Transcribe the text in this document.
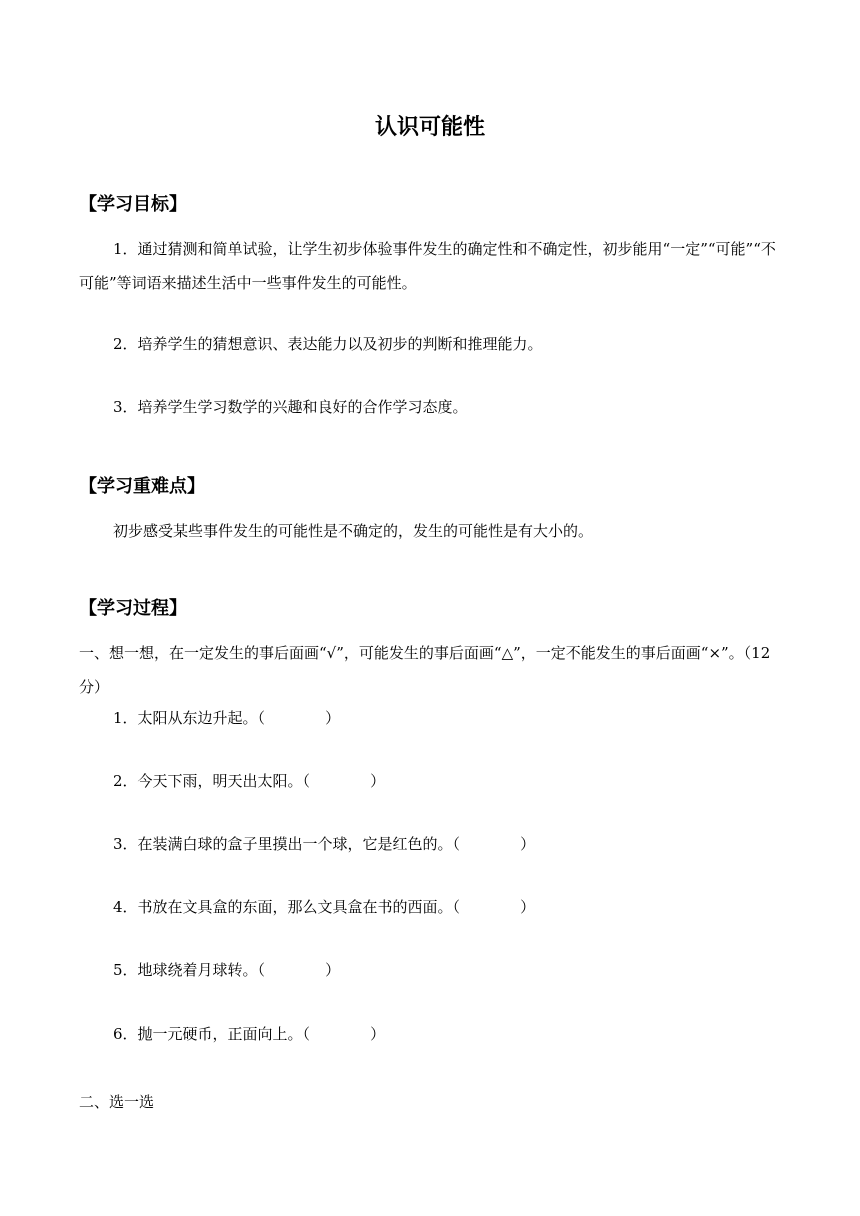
认识可能性
【学习目标】

1．通过猜测和简单试验，让学生初步体验事件发生的确定性和不确定性，初步能用“一定”“可能”“不可能”等词语来描述生活中一些事件发生的可能性。

2．培养学生的猜想意识、表达能力以及初步的判断和推理能力。

3．培养学生学习数学的兴趣和良好的合作学习态度。

【学习重难点】

初步感受某些事件发生的可能性是不确定的，发生的可能性是有大小的。

【学习过程】

一、想一想，在一定发生的事后面画“√”，可能发生的事后面画“△”，一定不能发生的事后面画“×”。（12 分）

1．太阳从东边升起。（	）
2．今天下雨，明天出太阳。（	）
3．在装满白球的盒子里摸出一个球，它是红色的。（	）
4．书放在文具盒的东面，那么文具盒在书的西面。（	）
5．地球绕着月球转。（	）
6．抛一元硬币，正面向上。（	）
二、选一选
